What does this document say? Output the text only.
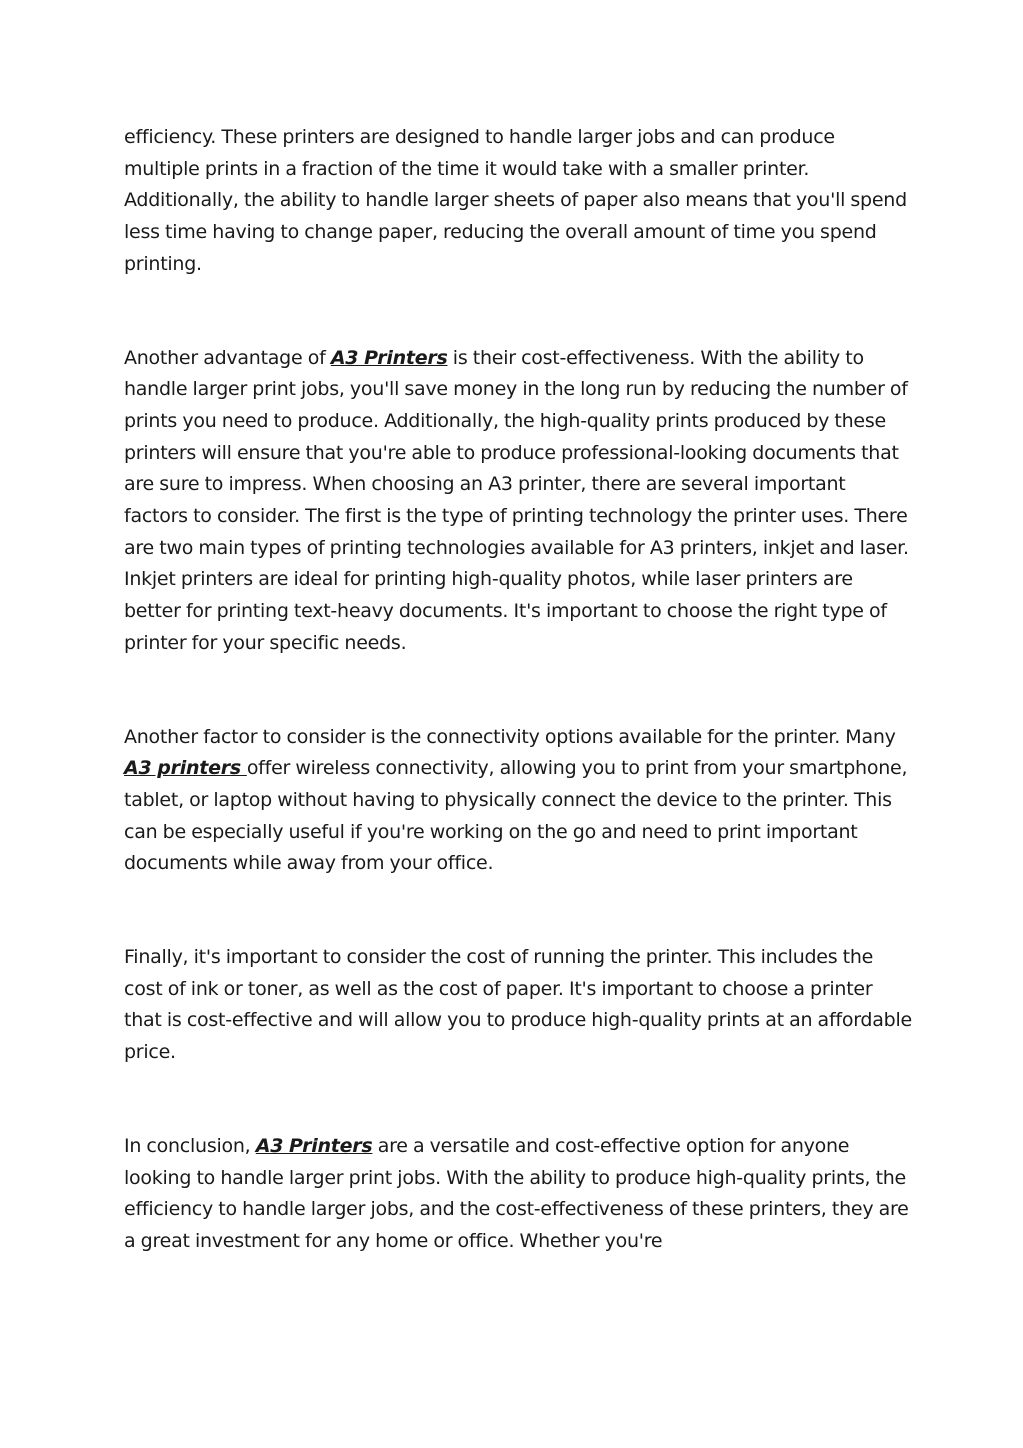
efficiency. These printers are designed to handle larger jobs and can produce multiple prints in a fraction of the time it would take with a smaller printer. Additionally, the ability to handle larger sheets of paper also means that you'll spend less time having to change paper, reducing the overall amount of time you spend printing.

Another advantage of A3 Printers is their cost-effectiveness. With the ability to handle larger print jobs, you'll save money in the long run by reducing the number of prints you need to produce. Additionally, the high-quality prints produced by these printers will ensure that you're able to produce professional-looking documents that are sure to impress. When choosing an A3 printer, there are several important factors to consider. The first is the type of printing technology the printer uses. There are two main types of printing technologies available for A3 printers, inkjet and laser. Inkjet printers are ideal for printing high-quality photos, while laser printers are better for printing text-heavy documents. It's important to choose the right type of printer for your specific needs.

Another factor to consider is the connectivity options available for the printer. Many A3 printers offer wireless connectivity, allowing you to print from your smartphone, tablet, or laptop without having to physically connect the device to the printer. This can be especially useful if you're working on the go and need to print important documents while away from your office.

Finally, it's important to consider the cost of running the printer. This includes the cost of ink or toner, as well as the cost of paper. It's important to choose a printer that is cost-effective and will allow you to produce high-quality prints at an affordable price.

In conclusion, A3 Printers are a versatile and cost-effective option for anyone looking to handle larger print jobs. With the ability to produce high-quality prints, the efficiency to handle larger jobs, and the cost-effectiveness of these printers, they are a great investment for any home or office. Whether you're
